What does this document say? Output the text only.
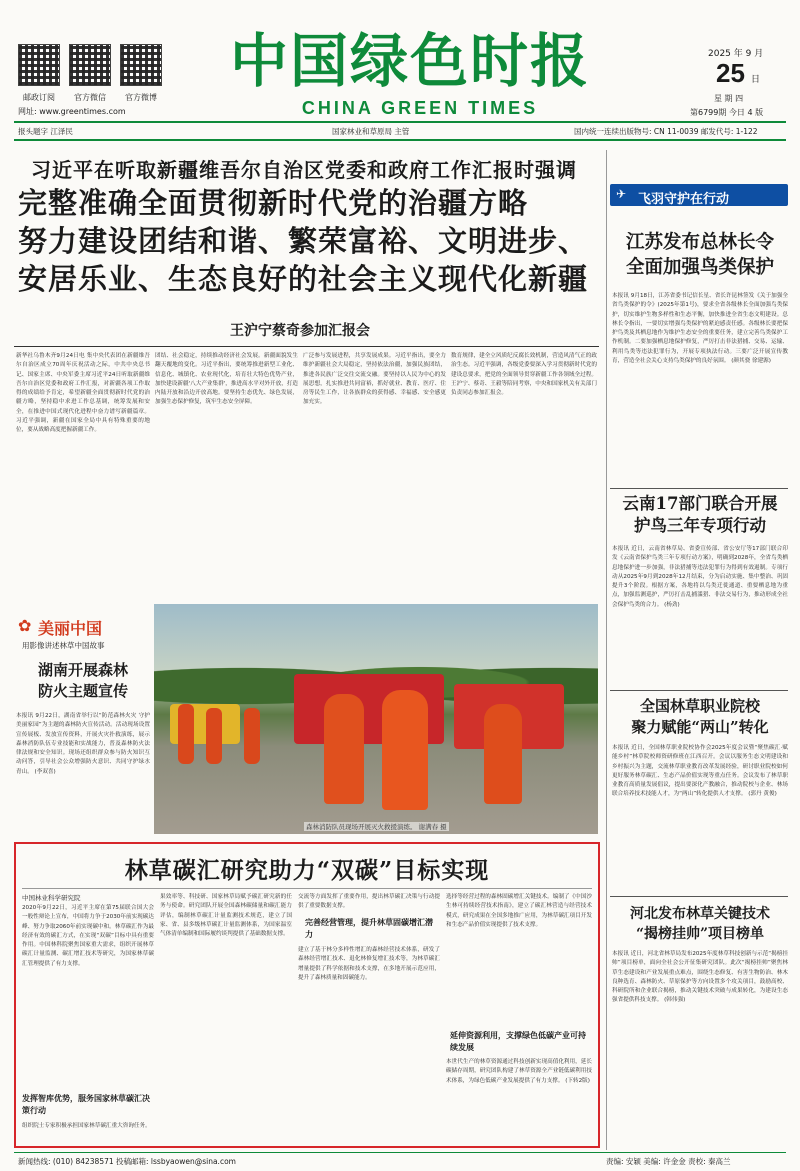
邮政订阅	官方微信	官方微博
网址: www.greentimes.com
中国绿色时报
CHINA GREEN TIMES
2025 年 9 月
25 日
星 期 四
第6799期 今日 4 版
报头题字 江泽民	国家林业和草原局 主管	国内统一连续出版物号: CN 11-0039 邮发代号: 1-122
习近平在听取新疆维吾尔自治区党委和政府工作汇报时强调
完整准确全面贯彻新时代党的治疆方略
努力建设团结和谐、繁荣富裕、文明进步、
安居乐业、生态良好的社会主义现代化新疆
王沪宁蔡奇参加汇报会
新华社乌鲁木齐9月24日电 集中央代表团在新疆维吾尔自治区成立70周年庆祝活动之际，中共中央总书记、国家主席、中央军委主席习近平24日听取新疆维吾尔自治区党委和政府工作汇报，对新疆各项工作取得的成绩给予肯定，希望新疆全面贯彻新时代党的治疆方略，坚持稳中求进工作总基调，统筹发展和安全，在推进中国式现代化进程中奋力谱写新疆篇章。习近平强调，新疆在国家全局中具有特殊重要的地位，要从战略高度把握新疆工作。
团结、社会稳定，持续推动经济社会发展。新疆面貌发生翻天覆地的变化。习近平指出，要统筹推进新型工业化、信息化、城镇化、农业现代化，培育壮大特色优势产业，加快建设新疆'八大产业集群'，推进高水平对外开放，打造内陆开放和沿边开放高地。要坚持生态优先、绿色发展，加强生态保护修复，筑牢生态安全屏障。
广泛参与发展进程，共享发展成果。习近平指出，要全力维护新疆社会大局稳定，坚持依法治疆，加强民族团结，推进各民族广泛交往交流交融。要坚持以人民为中心的发展思想，扎实推进共同富裕，抓好就业、教育、医疗、住房等民生工作，让各族群众的获得感、幸福感、安全感更加充实。
数育规律，建全立风质纪反腐长效机制，营造风清气正的政治生态。习近平强调，各级党委要深入学习贯彻新时代党的建设总要求，把党的全面领导贯穿新疆工作各领域全过程。王沪宁、蔡奇、王毅等陪同考察，中央和国家机关有关部门负责同志参加汇报会。
✈ 飞羽守护在行动
江苏发布总林长令
全面加强鸟类保护
本报讯 9月18日，江苏省委书记信长星、省长许昆林签发《关于加强全省鸟类保护的令》(2025年第1号)，要求全省各级林长全面加强鸟类保护，切实维护生物多样性和生态平衡，加快推进全省生态文明建设。总林长令指出，一要切实增强鸟类保护的紧迫感责任感。各级林长要把保护鸟类及其栖息地作为维护生态安全的重要任务，建立完善鸟类保护工作机制。二要加强栖息地保护修复，严厉打击非法猎捕、交易、运输、利用鸟类等违法犯罪行为，开展专项执法行动。三要广泛开展宣传教育，营造全社会关心支持鸟类保护的良好氛围。 (颜其骁 徐建源)
云南17部门联合开展
护鸟三年专项行动
本报讯 近日，云南省林草局、省委宣传部、省公安厅等17部门联合印发《云南省保护鸟类三年专项行动方案》，明确到2028年，全省鸟类栖息地保护进一步加强，非法猎捕等违法犯罪行为得到有效遏制。专项行动从2025年9月到2028年12月结束，分为启动实施、集中整治、巩固提升3个阶段。根据方案，各地将以鸟类迁徙通道、重要栖息地为重点，加强监测巡护，严厉打击乱捕滥猎、非法交易行为，推动形成全社会保护鸟类的合力。 (杨劲)
全国林草职业院校
聚力赋能“两山”转化
本报讯 近日，全国林草职业院校协作会2025年度会议暨“聚焦碳汇·赋能乡村”林草院校师资研修班在江西召开。会议以服务生态文明建设和乡村振兴为主题，交流林草职业教育改革发展经验，研讨职业院校如何更好服务林草碳汇、生态产品价值实现等重点任务。会议发布了林草职业教育高质量发展倡议，提出要深化产教融合，推动院校与企业、林场联合培养技术技能人才，为“两山”转化提供人才支撑。 (郭丹 黄俊)
河北发布林草关键技术
“揭榜挂帅”项目榜单
本报讯 近日，河北省林草局发布2025年度林草科技创新与示范“揭榜挂帅”项目榜单，面向全社会公开征集研究团队。此次“揭榜挂帅”聚焦林草生态建设和产业发展重点难点，围绕生态修复、有害生物防治、林木良种选育、森林防火、草原保护等方向设置多个攻关项目，鼓励高校、科研院所和企业联合揭榜，推动关键技术突破与成果转化，为建设生态强省提供科技支撑。 (韩伟强)
✿ 美丽中国
用影像讲述林草中国故事
湖南开展森林
防火主题宣传
本报讯 9月22日，湖南省举行以“防范森林火灾 守护美丽家园”为主题的森林防火宣传活动。活动现场设置宣传展板、发放宣传资料，开展火灾扑救演练，展示森林消防队伍专业技能和实战能力，普及森林防火法律法规和安全知识。现场还组织群众参与防火知识互动问答，引导社会公众增强防火意识、共同守护绿水青山。 (李双喜)
森林消防队员现场开展灭火救援演练。 谢满春 摄
林草碳汇研究助力“双碳”目标实现
中国林业科学研究院
2020年9月22日，习近平主席在第75届联合国大会一般性辩论上宣布，中国将力争于2030年前实现碳达峰、努力争取2060年前实现碳中和。林草碳汇作为最经济有效的碳汇方式，在实现“双碳”目标中具有重要作用。中国林科院聚焦国家重大需求，组织开展林草碳汇计量监测、碳汇增汇技术等研究，为国家林草碳汇管理提供了有力支撑。
发挥智库优势，服务国家林草碳汇决策行动
组织院士专家积极承担国家林草碳汇重大咨询任务。
果效率等、科技研、国家林草局赋予碳汇研究新的任务与使命。研究团队开展全国森林碳储量和碳汇能力评估，编制林草碳汇计量监测技术规范，建立了国家、省、县多级林草碳汇计量监测体系，为国家温室气体清单编制和国际履约谈判提供了基础数据支撑。
交流等方面发挥了重要作用，提出林草碳汇决策与行动提供了重要数据支撑。
完善经营管理，提升林草固碳增汇潜力
建立了基于林分多样性增汇的森林经营技术体系，研发了森林经营增汇技术、退化林修复增汇技术等，为林草碳汇增量提供了科学依据和技术支撑，在多地开展示范应用，提升了森林质量和固碳能力。
选择等经营过程的森林固碳增汇关键技术。编制了《中国沙生林可持续经营技术指南》，建立了碳汇林营造与经营技术模式，研究成果在全国多地推广应用，为林草碳汇项目开发和生态产品价值实现提供了技术支撑。
延伸资源利用，支撑绿色低碳产业可持续发展
本世代生产的林草资源通过科技创新实现高值化利用，延长碳储存周期，研究团队构建了林草资源全产业链低碳利用技术体系，为绿色低碳产业发展提供了有力支撑。 (下转2版)
新闻热线: (010) 84238571 投稿邮箱: lssbyaowen@sina.com	责编: 安颖 美编: 许金金 责校: 秦高兰
